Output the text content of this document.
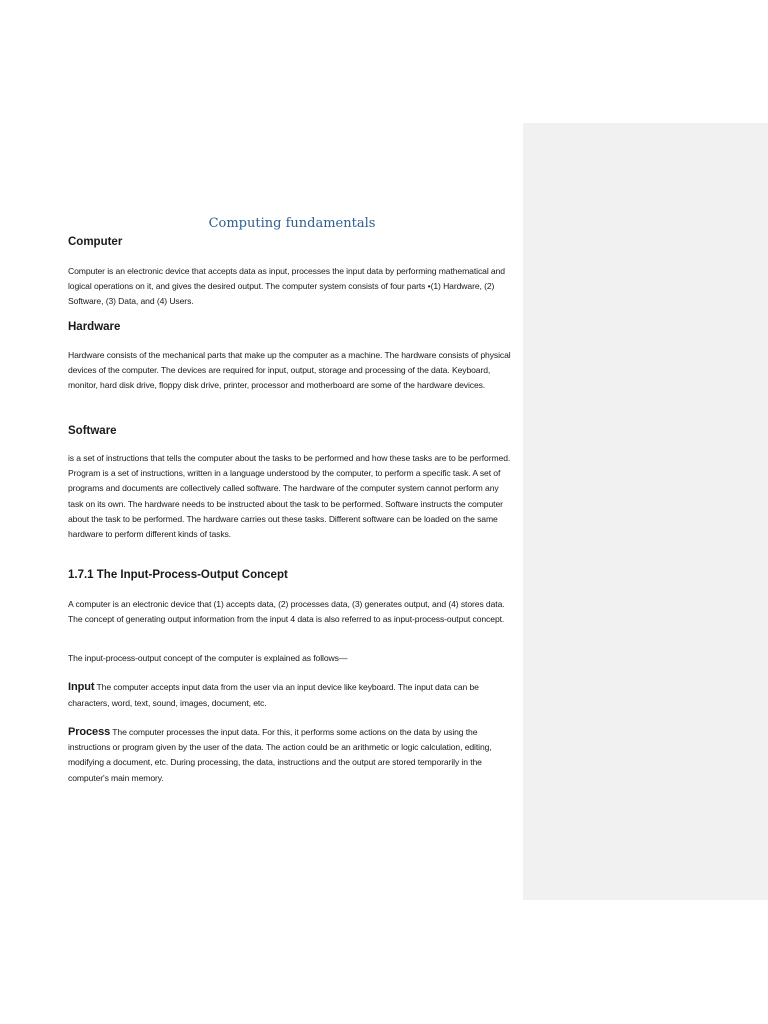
Computing fundamentals
Computer

Computer is an electronic device that accepts data as input, processes the input data by performing mathematical and logical operations on it, and gives the desired output. The computer system consists of four parts •(1) Hardware, (2) Software, (3) Data, and (4) Users.

Hardware

Hardware consists of the mechanical parts that make up the computer as a machine. The hardware consists of physical devices of the computer. The devices are required for input, output, storage and processing of the data. Keyboard, monitor, hard disk drive, floppy disk drive, printer, processor and motherboard are some of the hardware devices.

Software

is a set of instructions that tells the computer about the tasks to be performed and how these tasks are to be performed. Program is a set of instructions, written in a language understood by the computer, to perform a specific task. A set of programs and documents are collectively called software. The hardware of the computer system cannot perform any task on its own. The hardware needs to be instructed about the task to be performed. Software instructs the computer about the task to be performed. The hardware carries out these tasks. Different software can be loaded on the same hardware to perform different kinds of tasks.

1.7.1 The Input-Process-Output Concept

A computer is an electronic device that (1) accepts data, (2) processes data, (3) generates output, and (4) stores data. The concept of generating output information from the input 4 data is also referred to as input-process-output concept.

The input-process-output concept of the computer is explained as follows—

Input The computer accepts input data from the user via an input device like keyboard. The input data can be characters, word, text, sound, images, document, etc.

Process The computer processes the input data. For this, it performs some actions on the data by using the instructions or program given by the user of the data. The action could be an arithmetic or logic calculation, editing, modifying a document, etc. During processing, the data, instructions and the output are stored temporarily in the computer's main memory.
